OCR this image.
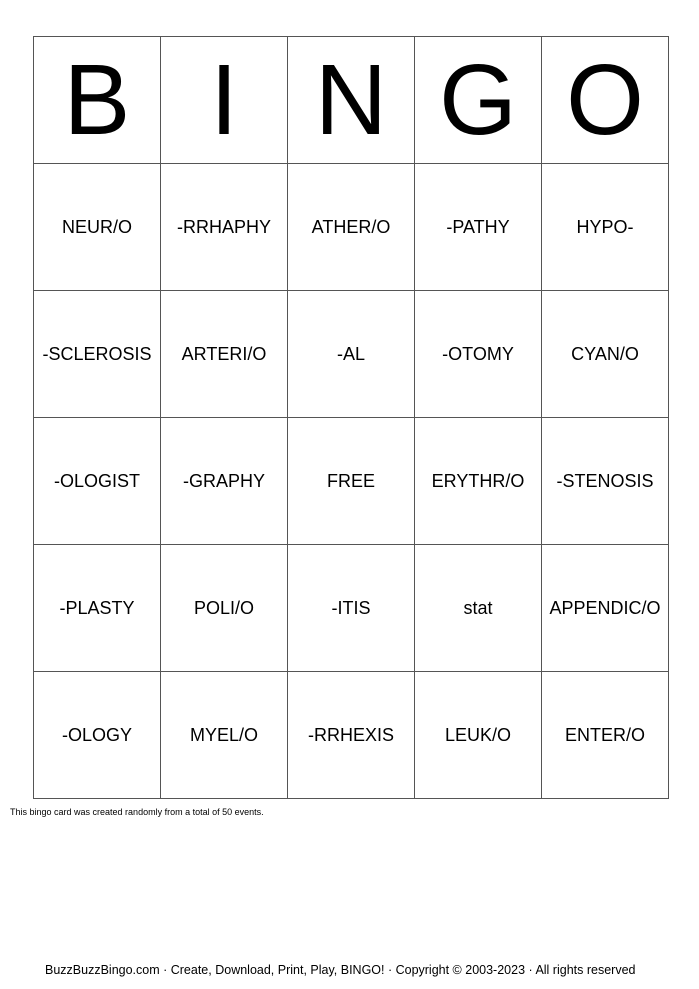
B	I	N	G	O
NEUR/O	-RRHAPHY	ATHER/O	-PATHY	HYPO-
-SCLEROSIS	ARTERI/O	-AL	-OTOMY	CYAN/O
-OLOGIST	-GRAPHY	FREE	ERYTHR/O	-STENOSIS
-PLASTY	POLI/O	-ITIS	stat	APPENDIC/O
-OLOGY	MYEL/O	-RRHEXIS	LEUK/O	ENTER/O
This bingo card was created randomly from a total of 50 events.
BuzzBuzzBingo.com · Create, Download, Print, Play, BINGO! · Copyright © 2003-2023 · All rights reserved
